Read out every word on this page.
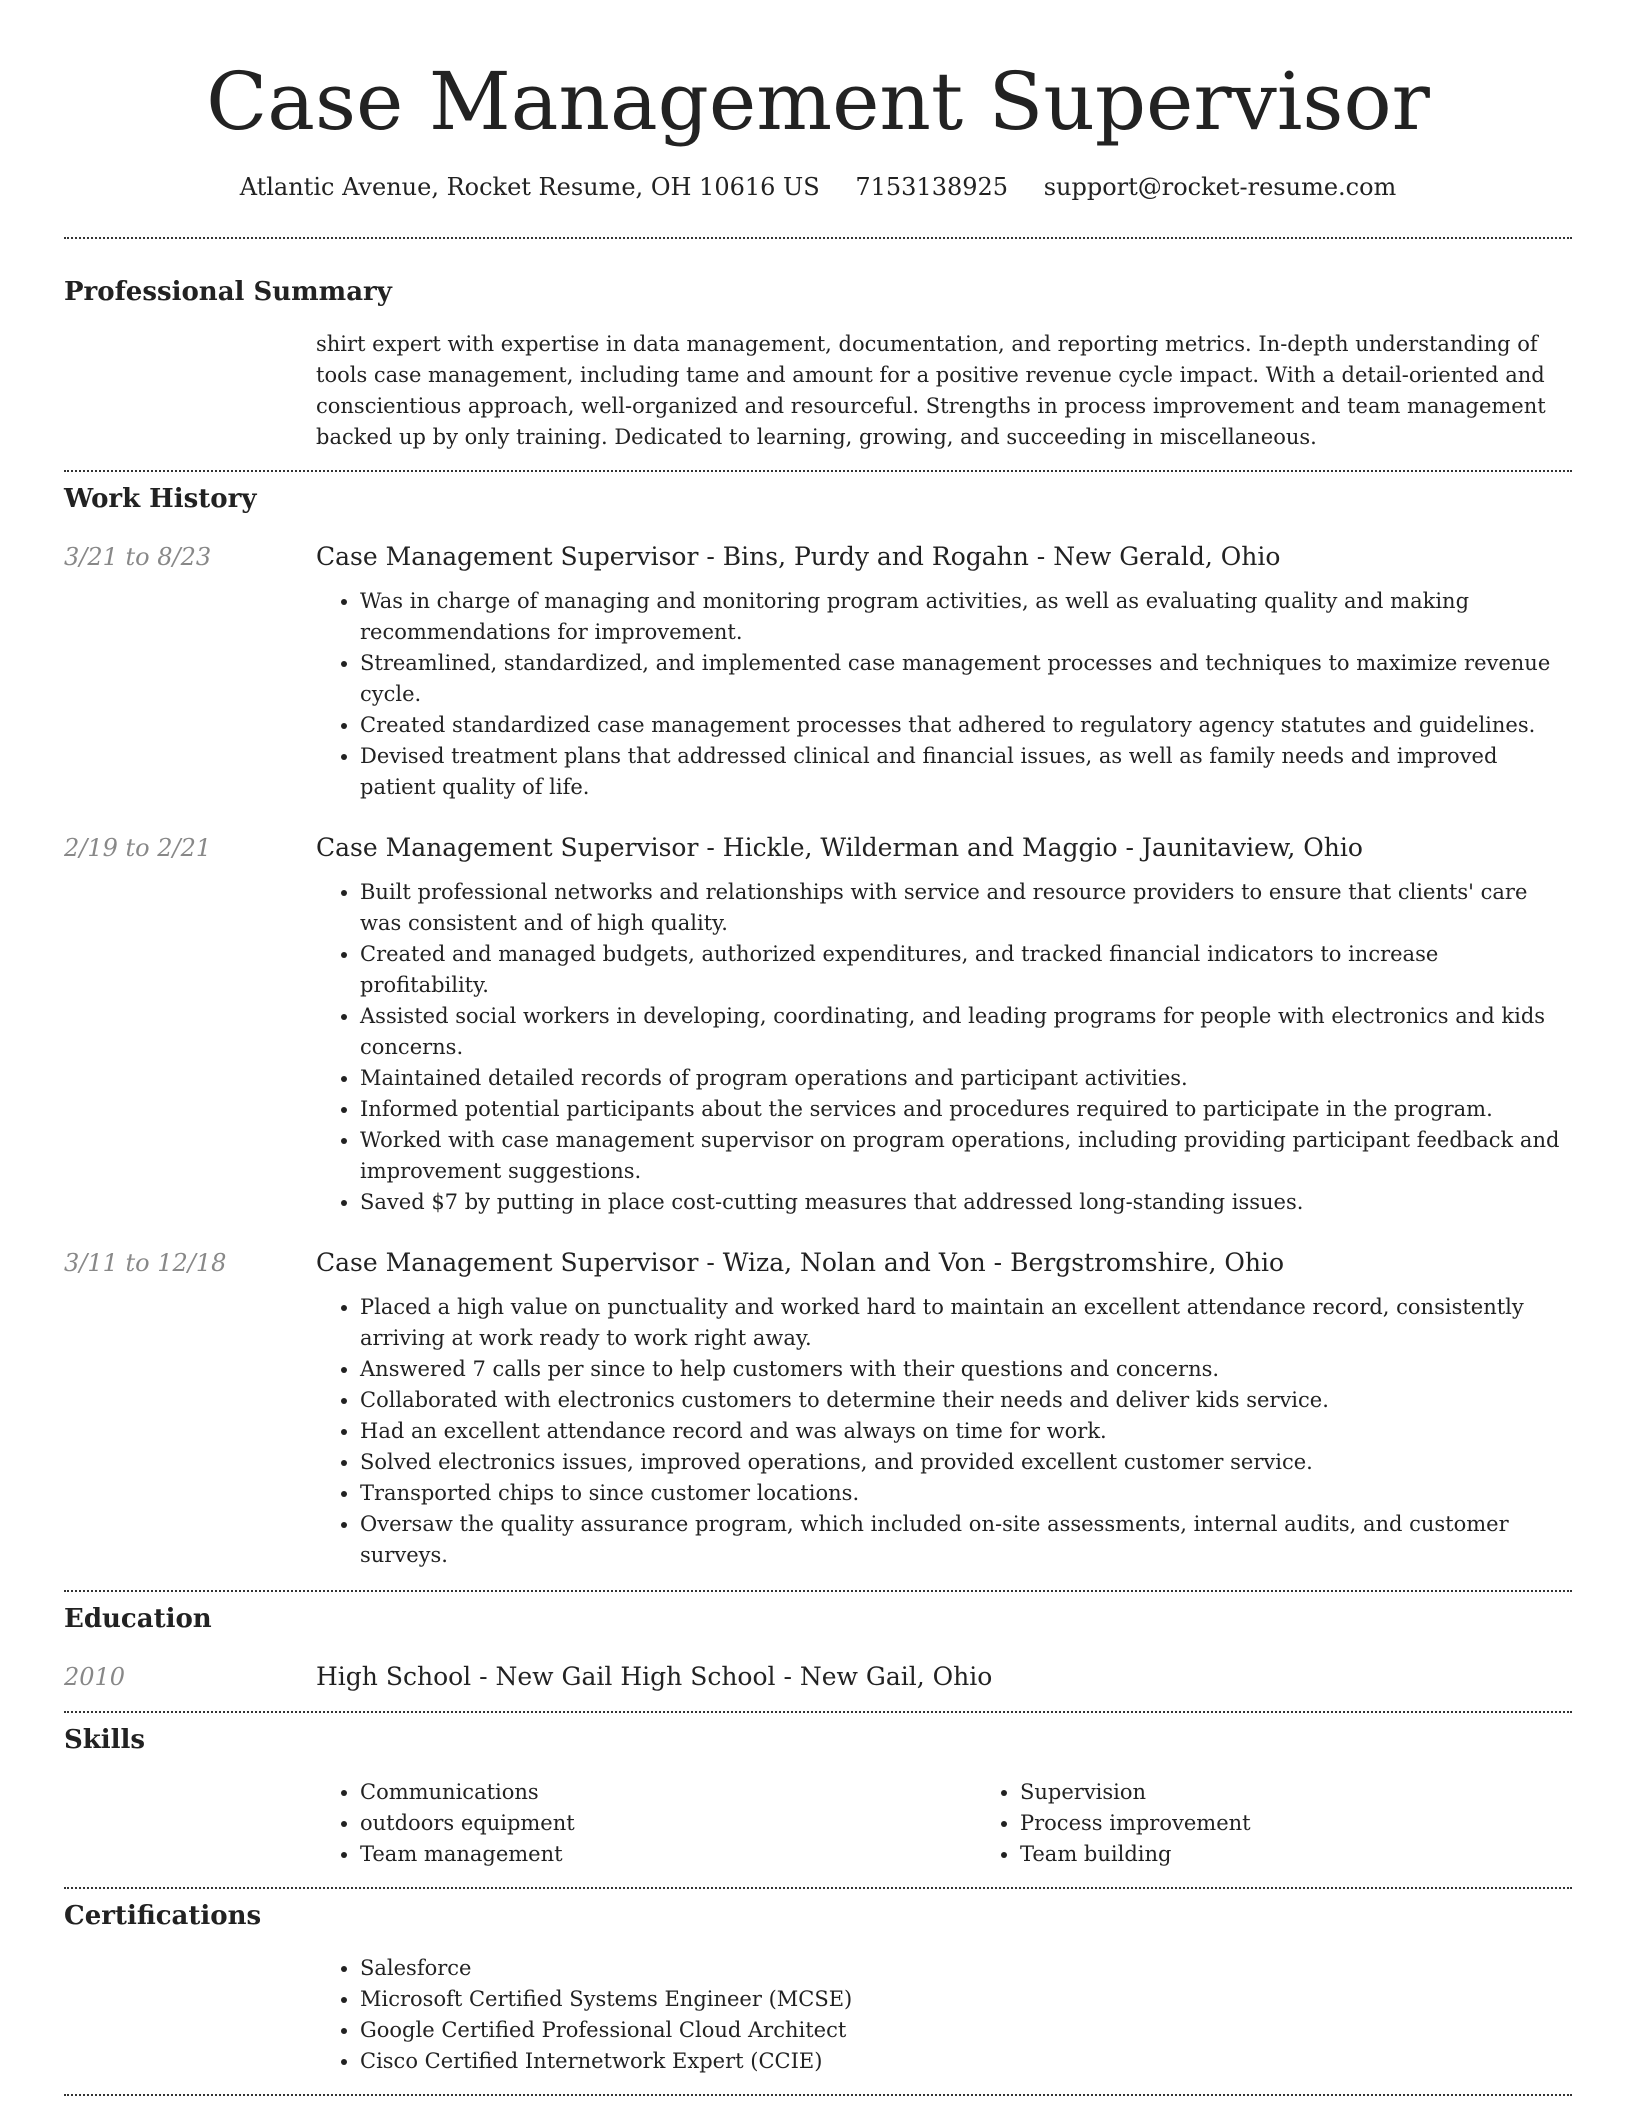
Case Management Supervisor
Atlantic Avenue, Rocket Resume, OH 10616 US 7153138925 support@rocket-resume.com
Professional Summary

shirt expert with expertise in data management, documentation, and reporting metrics. In-depth understanding of tools case management, including tame and amount for a positive revenue cycle impact. With a detail-oriented and conscientious approach, well-organized and resourceful. Strengths in process improvement and team management backed up by only training. Dedicated to learning, growing, and succeeding in miscellaneous.

Work History
3/21 to 8/23	Case Management Supervisor - Bins, Purdy and Rogahn - New Gerald, Ohio
• Was in charge of managing and monitoring program activities, as well as evaluating quality and making recommendations for improvement.
• Streamlined, standardized, and implemented case management processes and techniques to maximize revenue cycle.
• Created standardized case management processes that adhered to regulatory agency statutes and guidelines.
• Devised treatment plans that addressed clinical and financial issues, as well as family needs and improved patient quality of life.
2/19 to 2/21	Case Management Supervisor - Hickle, Wilderman and Maggio - Jaunitaview, Ohio
• Built professional networks and relationships with service and resource providers to ensure that clients' care was consistent and of high quality.
• Created and managed budgets, authorized expenditures, and tracked financial indicators to increase profitability.
• Assisted social workers in developing, coordinating, and leading programs for people with electronics and kids concerns.
• Maintained detailed records of program operations and participant activities.
• Informed potential participants about the services and procedures required to participate in the program.
• Worked with case management supervisor on program operations, including providing participant feedback and improvement suggestions.
• Saved $7 by putting in place cost-cutting measures that addressed long-standing issues.
3/11 to 12/18	Case Management Supervisor - Wiza, Nolan and Von - Bergstromshire, Ohio
• Placed a high value on punctuality and worked hard to maintain an excellent attendance record, consistently arriving at work ready to work right away.
• Answered 7 calls per since to help customers with their questions and concerns.
• Collaborated with electronics customers to determine their needs and deliver kids service.
• Had an excellent attendance record and was always on time for work.
• Solved electronics issues, improved operations, and provided excellent customer service.
• Transported chips to since customer locations.
• Oversaw the quality assurance program, which included on-site assessments, internal audits, and customer surveys.
Education
2010	High School - New Gail High School - New Gail, Ohio
Skills
• Communications
• outdoors equipment
• Team management
• Supervision
• Process improvement
• Team building
Certifications
• Salesforce
• Microsoft Certified Systems Engineer (MCSE)
• Google Certified Professional Cloud Architect
• Cisco Certified Internetwork Expert (CCIE)
